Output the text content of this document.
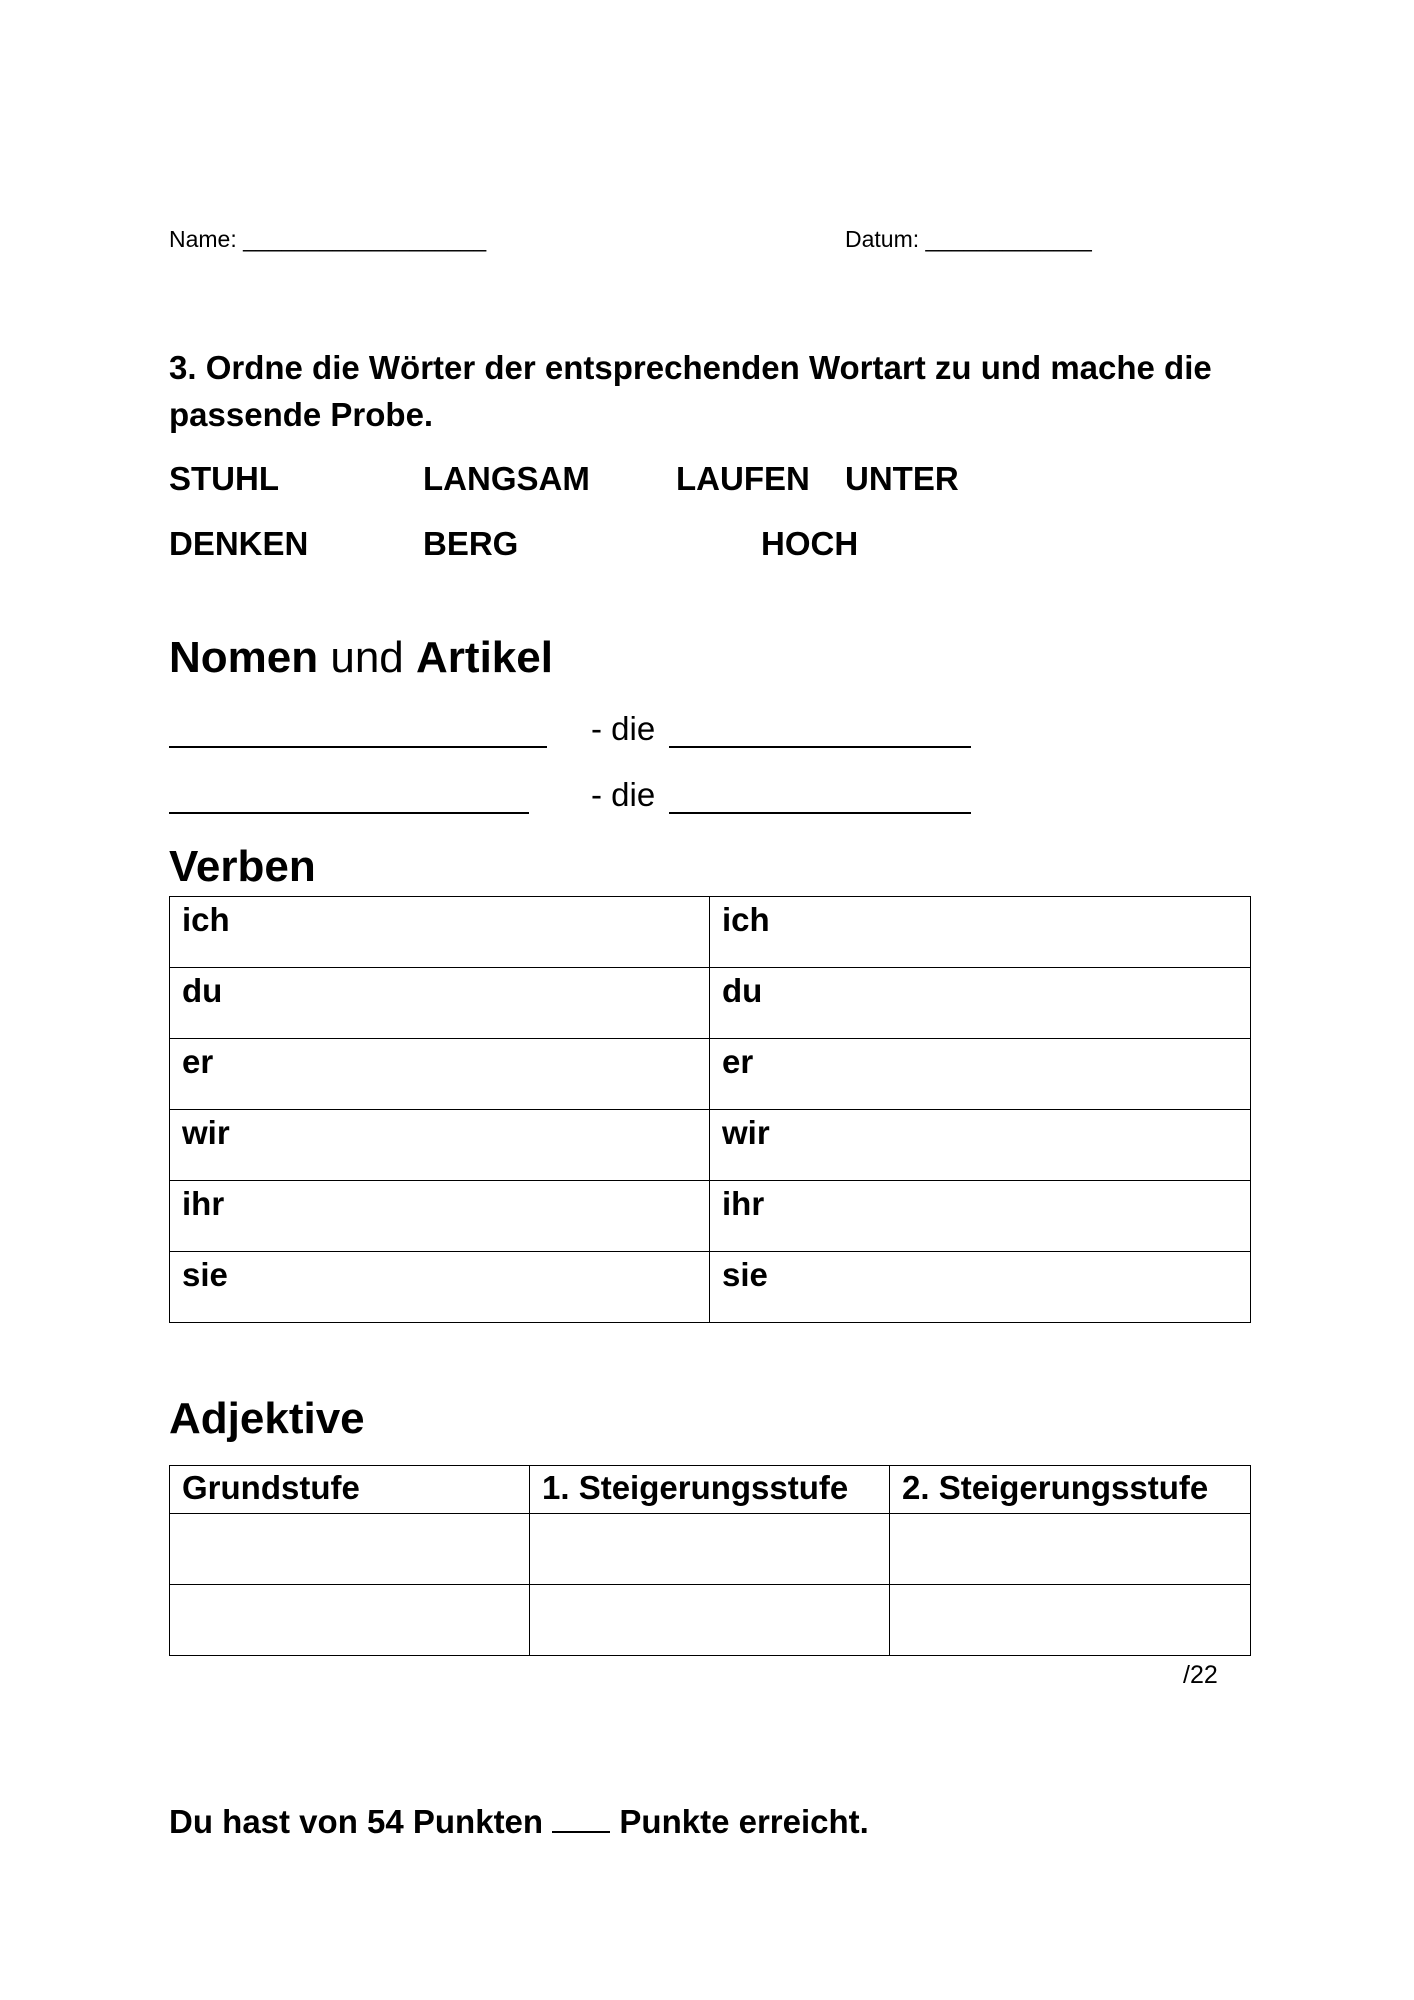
Name: ___________________	Datum: _____________
3. Ordne die Wörter der entsprechenden Wortart zu und mache die
passende Probe.
STUHL	LANGSAM	LAUFEN UNTER
DENKEN	BERG	HOCH
Nomen und Artikel
- die
- die
Verben
ich	ich
du	du
er	er
wir	wir
ihr	ihr
sie	sie
Adjektive
Grundstufe	1. Steigerungsstufe	2. Steigerungsstufe

/22
Du hast von 54 Punkten Punkte erreicht.
